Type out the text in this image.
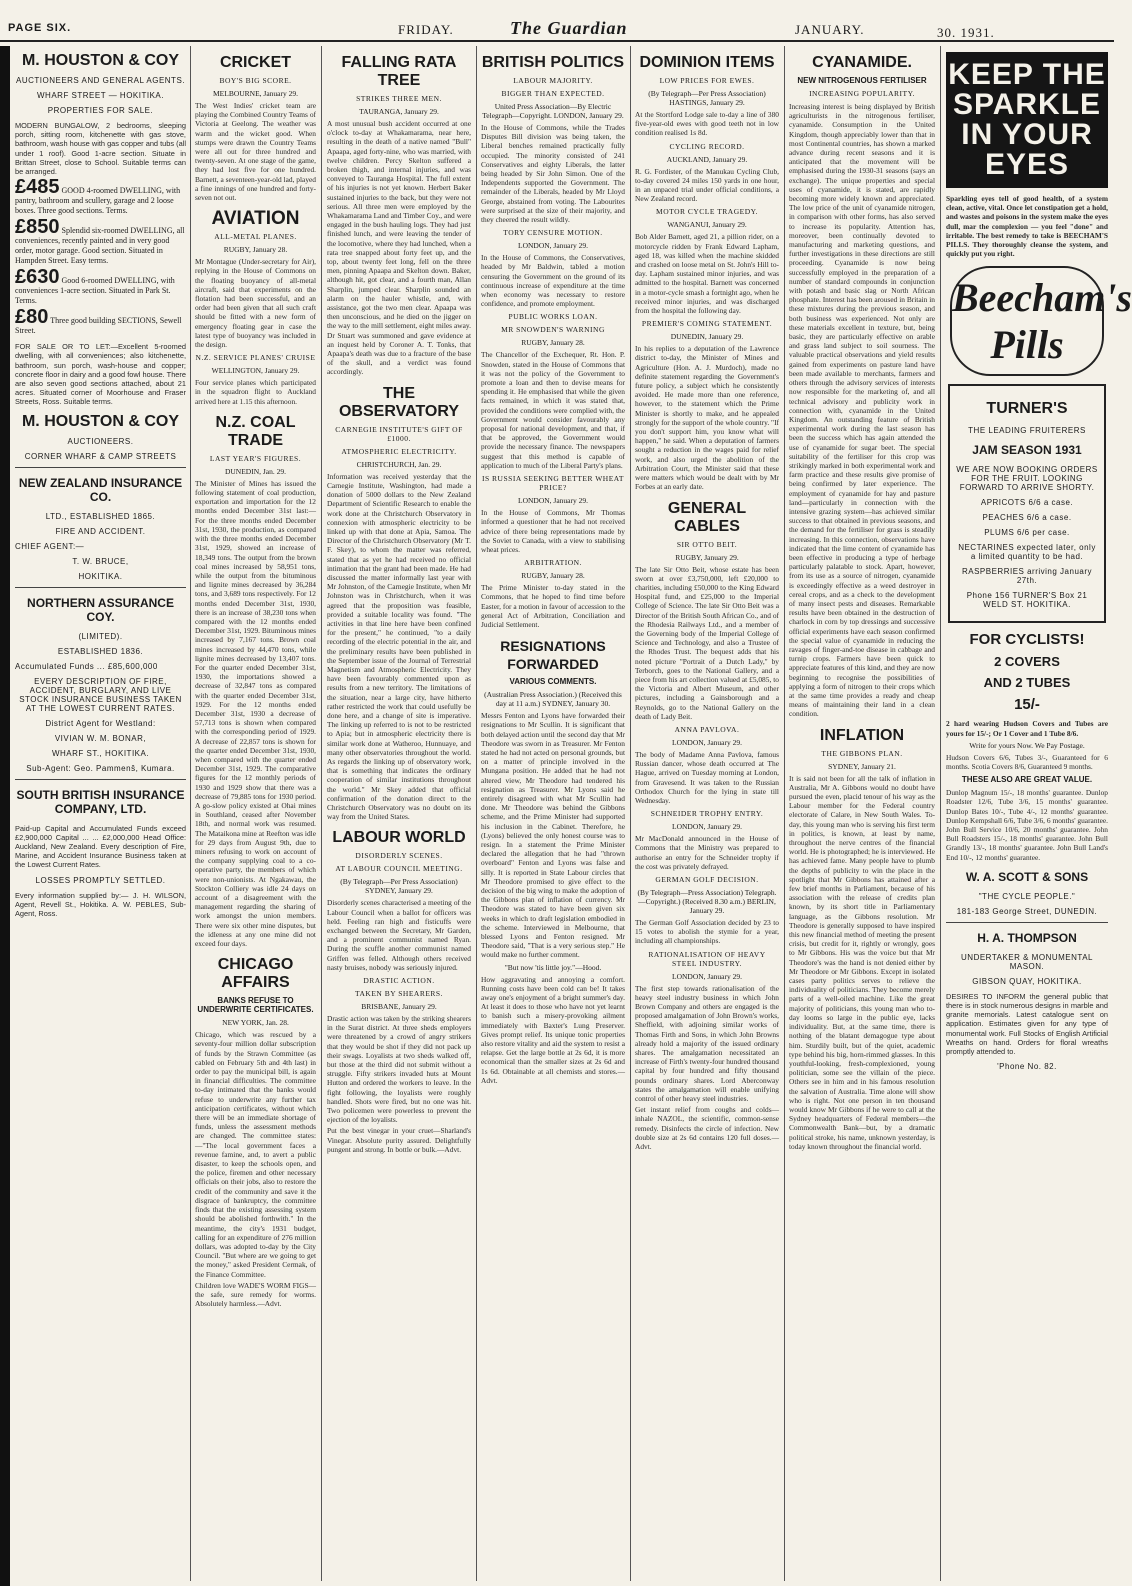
PAGE SIX.	FRIDAY.	The Guardian	JANUARY.	30. 1931.
M. HOUSTON & COY
AUCTIONEERS AND GENERAL AGENTS.
WHARF STREET — HOKITIKA.
PROPERTIES FOR SALE.
MODERN BUNGALOW, 2 bedrooms, sleeping porch, sitting room, kitchenette with gas stove, bathroom, wash house with gas copper and tubs (all under 1 roof). Good 1-acre section. Situate in Brittan Street, close to School. Suitable terms can be arranged.
£485 GOOD 4-roomed DWELLING, with pantry, bathroom and scullery, garage and 2 loose boxes. Three good sections. Terms.
£850 Splendid six-roomed DWELLING, all conveniences, recently painted and in very good order, motor garage. Good section. Situated in Hampden Street. Easy terms.
£630 Good 6-roomed DWELLING, with conveniences 1-acre section. Situated in Park St. Terms.
£80 Three good building SECTIONS, Sewell Street.
FOR SALE OR TO LET:—Excellent 5-roomed dwelling, with all conveniences; also kitchenette, bathroom, sun porch, wash-house and copper; concrete floor in dairy and a good fowl house. There are also seven good sections attached, about 21 acres. Situated corner of Moorhouse and Fraser Streets, Ross. Suitable terms.
M. HOUSTON & COY
AUCTIONEERS.
CORNER WHARF & CAMP STREETS
NEW ZEALAND INSURANCE CO.
LTD., ESTABLISHED 1865.
FIRE AND ACCIDENT.
CHIEF AGENT:—
T. W. BRUCE,
HOKITIKA.
NORTHERN ASSURANCE COY.
(LIMITED).
ESTABLISHED 1836.
Accumulated Funds ... £85,600,000
EVERY DESCRIPTION OF FIRE, ACCIDENT, BURGLARY, AND LIVE STOCK INSURANCE BUSINESS TAKEN AT THE LOWEST CURRENT RATES.
District Agent for Westland:
VIVIAN W. M. BONAR,
WHARF ST., HOKITIKA.
Sub-Agent: Geo. Pammenŝ, Kumara.
SOUTH BRITISH INSURANCE COMPANY, LTD.
Paid-up Capital and Accumulated Funds exceed £2,900,000 Capital ... ... £2,000,000 Head Office: Auckland, New Zealand. Every description of Fire, Marine, and Accident Insurance Business taken at the Lowest Current Rates.
LOSSES PROMPTLY SETTLED.
Every information supplied by:— J. H. WILSON, Agent, Revell St., Hokitika. A. W. PEBLES, Sub-Agent, Ross.
CRICKET
BOY'S BIG SCORE.
MELBOURNE, January 29.
The West Indies' cricket team are playing the Combined Country Teams of Victoria at Geelong. The weather was warm and the wicket good. When stumps were drawn the Country Teams were all out for three hundred and twenty-seven. At one stage of the game, they had lost five for one hundred. Barnett, a seventeen-year-old lad, played a fine innings of one hundred and forty-seven not out.
AVIATION
ALL-METAL PLANES.
RUGBY, January 28.
Mr Montague (Under-secretary for Air), replying in the House of Commons on the floating buoyancy of all-metal aircraft, said that experiments on the flotation had been successful, and an order had been given that all such craft should be fitted with a new form of emergency floating gear in case the latest type of buoyancy was included in the design.
N.Z. SERVICE PLANES' CRUISE
WELLINGTON, January 29.
Four service planes which participated in the squadron flight to Auckland arrived here at 1.15 this afternoon.
N.Z. COAL TRADE
LAST YEAR'S FIGURES.
DUNEDIN, Jan. 29.
The Minister of Mines has issued the following statement of coal production, exportation and importation for the 12 months ended December 31st last:— For the three months ended December 31st, 1930, the production, as compared with the three months ended December 31st, 1929, showed an increase of 18,349 tons. The output from the brown coal mines increased by 58,951 tons, while the output from the bituminous and lignite mines decreased by 36,284 tons, and 3,689 tons respectively. For 12 months ended December 31st, 1930, there is an increase of 38,230 tons when compared with the 12 months ended December 31st, 1929. Bituminous mines increased by 7,167 tons. Brown coal mines increased by 44,470 tons, while lignite mines decreased by 13,407 tons. For the quarter ended December 31st, 1930, the importations showed a decrease of 32,847 tons as compared with the quarter ended December 31st, 1929. For the 12 months ended December 31st, 1930 a decrease of 57,713 tons is shown when compared with the corresponding period of 1929. A decrease of 22,857 tons is shown for the quarter ended December 31st, 1930, when compared with the quarter ended December 31st, 1929. The comparative figures for the 12 monthly periods of 1930 and 1929 show that there was a decrease of 79,885 tons for 1930 period. A go-slow policy existed at Ohai mines in Southland, ceased after November 18th, and normal work was resumed. The Mataikona mine at Reefton was idle for 29 days from August 9th, due to miners refusing to work on account of the company supplying coal to a co-operative party, the members of which were non-unionists. At Ngakawau, the Stockton Colliery was idle 24 days on account of a disagreement with the management regarding the sharing of work amongst the union members. There were six other mine disputes, but the idleness at any one mine did not exceed four days.
CHICAGO AFFAIRS
BANKS REFUSE TO UNDERWRITE CERTIFICATES.
NEW YORK, Jan. 28.
Chicago, which was rescued by a seventy-four million dollar subscription of funds by the Strawn Committee (as cabled on February 5th and 4th last) in order to pay the municipal bill, is again in financial difficulties. The committee to-day intimated that the banks would refuse to underwrite any further tax anticipation certificates, without which there will be an immediate shortage of funds, unless the assessment methods are changed. The committee states:—"The local government faces a revenue famine, and, to avert a public disaster, to keep the schools open, and the police, firemen and other necessary officials on their jobs, also to restore the credit of the community and save it the disgrace of bankruptcy, the committee finds that the existing assessing system should be abolished forthwith." In the meantime, the city's 1931 budget, calling for an expenditure of 276 million dollars, was adopted to-day by the City Council. "But where are we going to get the money," asked President Cermak, of the Finance Committee.
Children love WADE'S WORM FIGS—the safe, sure remedy for worms. Absolutely harmless.—Advt.
FALLING RATA TREE
STRIKES THREE MEN.
TAURANGA, January 29.
A most unusual bush accident occurred at one o'clock to-day at Whakamarama, near here, resulting in the death of a native named "Bull" Apaapa, aged forty-nine, who was married, with twelve children. Percy Skelton suffered a broken thigh, and internal injuries, and was conveyed to Tauranga Hospital. The full extent of his injuries is not yet known. Herbert Baker sustained injuries to the back, but they were not serious. All three men were employed by the Whakamarama Land and Timber Coy., and were engaged in the bush hauling logs. They had just finished lunch, and were leaving the tender of the locomotive, where they had lunched, when a rata tree snapped about forty feet up, and the top, about twenty feet long, fell on the three men, pinning Apaapa and Skelton down. Baker, although hit, got clear, and a fourth man, Allan Sharplin, jumped clear. Sharplin sounded an alarm on the hauler whistle, and, with assistance, got the two men clear. Apaapa was then unconscious, and he died on the jigger on the way to the mill settlement, eight miles away. Dr Stuart was summoned and gave evidence at an inquest held by Coroner A. T. Tonks, that Apaapa's death was due to a fracture of the base of the skull, and a verdict was found accordingly.
THE OBSERVATORY
CARNEGIE INSTITUTE'S GIFT OF £1000.
ATMOSPHERIC ELECTRICITY.
CHRISTCHURCH, Jan. 29.
Information was received yesterday that the Carnegie Institute, Washington, had made a donation of 5000 dollars to the New Zealand Department of Scientific Research to enable the work done at the Christchurch Observatory in connexion with atmospheric electricity to be linked up with that done at Apia, Samoa. The Director of the Christchurch Observatory (Mr T. F. Skey), to whom the matter was referred, stated that as yet he had received no official intimation that the grant had been made. He had discussed the matter informally last year with Mr Johnston, of the Carnegie Institute, when Mr Johnston was in Christchurch, when it was agreed that the proposition was feasible, provided a suitable locality was found. "The activities in that line here have been confined for the present," he continued, "to a daily recording of the electric potential in the air, and the preliminary results have been published in the September issue of the Journal of Terrestrial Magnetism and Atmospheric Electricity. They have been favourably commented upon as results from a new territory. The limitations of the situation, near a large city, have hitherto rather restricted the work that could usefully be done here, and a change of site is imperative. The linking up referred to is not to be restricted to Apia; but in atmospheric electricity there is similar work done at Watheroo, Hunnuaye, and many other observatories throughout the world. As regards the linking up of observatory work, that is something that indicates the ordinary cooperation of similar institutions throughout the world." Mr Skey added that official confirmation of the donation direct to the Christchurch Observatory was no doubt on its way from the United States.
LABOUR WORLD
DISORDERLY SCENES.
AT LABOUR COUNCIL MEETING.
(By Telegraph—Per Press Association) SYDNEY, January 29.
Disorderly scenes characterised a meeting of the Labour Council when a ballot for officers was held. Feeling ran high and fisticuffs were exchanged between the Secretary, Mr Garden, and a prominent communist named Ryan. During the scuffle another communist named Griffen was felled. Although others received nasty bruises, nobody was seriously injured.
DRASTIC ACTION.
TAKEN BY SHEARERS.
BRISBANE, January 29.
Drastic action was taken by the striking shearers in the Surat district. At three sheds employers were threatened by a crowd of angry strikers that they would be shot if they did not pack up their swags. Loyalists at two sheds walked off, but those at the third did not submit without a struggle. Fifty strikers invaded huts at Mount Hutton and ordered the workers to leave. In the fight following, the loyalists were roughly handled. Shots were fired, but no one was hit. Two policemen were powerless to prevent the ejection of the loyalists.
Put the best vinegar in your cruet—Sharland's Vinegar. Absolute purity assured. Delightfully pungent and strong. In bottle or bulk.—Advt.
BRITISH POLITICS
LABOUR MAJORITY.
BIGGER THAN EXPECTED.
United Press Association—By Electric Telegraph—Copyright. LONDON, January 29.
In the House of Commons, while the Trades Disputes Bill division was being taken, the Liberal benches remained practically fully occupied. The minority consisted of 241 Conservatives and eighty Liberals, the latter being headed by Sir John Simon. One of the Independents supported the Government. The remainder of the Liberals, headed by Mr Lloyd George, abstained from voting. The Labourites were surprised at the size of their majority, and they cheered the result wildly.
TORY CENSURE MOTION.
LONDON, January 29.
In the House of Commons, the Conservatives, headed by Mr Baldwin, tabled a motion censuring the Government on the ground of its continuous increase of expenditure at the time when economy was necessary to restore confidence, and promote employment.
PUBLIC WORKS LOAN.
MR SNOWDEN'S WARNING
RUGBY, January 28.
The Chancellor of the Exchequer, Rt. Hon. P. Snowden, stated in the House of Commons that it was not the policy of the Government to promote a loan and then to devise means for spending it. He emphasised that while the given facts remained, in which it was stated that, provided the conditions were complied with, the Government would consider favourably any proposal for national development, and that, if that be approved, the Government would provide the necessary finance. The newspapers suggest that this method is capable of application to much of the Liberal Party's plans.
IS RUSSIA SEEKING BETTER WHEAT PRICE?
LONDON, January 29.
In the House of Commons, Mr Thomas informed a questioner that he had not received advice of there being representations made by the Soviet to Canada, with a view to stabilising wheat prices.
ARBITRATION.
RUGBY, January 28.
The Prime Minister to-day stated in the Commons, that he hoped to find time before Easter, for a motion in favour of accession to the general Act of Arbitration, Conciliation and Judicial Settlement.
RESIGNATIONS FORWARDED
VARIOUS COMMENTS.
(Australian Press Association.) (Received this day at 11 a.m.) SYDNEY, January 30.
Messrs Fenton and Lyons have forwarded their resignations to Mr Scullin. It is significant that both delayed action until the second day that Mr Theodore was sworn in as Treasurer. Mr Fenton stated he had not acted on personal grounds, but on a matter of principle involved in the Mungana position. He added that he had not altered view, Mr Theodore had tendered his resignation as Treasurer. Mr Lyons said he entirely disagreed with what Mr Scullin had done. Mr Theodore was behind the Gibbons scheme, and the Prime Minister had supported his inclusion in the Cabinet. Therefore, he (Lyons) believed the only honest course was to resign. In a statement the Prime Minister declared the allegation that he had "thrown overboard" Fenton and Lyons was false and silly. It is reported in State Labour circles that Mr Theodore promised to give effect to the decision of the big wing to make the adoption of the Gibbons plan of inflation of currency. Mr Theodore was stated to have been given six weeks in which to draft legislation embodied in the scheme. Interviewed in Melbourne, that blessed Lyons and Fenton resigned. Mr Theodore said, "That is a very serious step." He would make no further comment.
"But now 'tis little joy."—Hood.
How aggravating and annoying a comfort. Running costs have been cold can be! It takes away one's enjoyment of a bright summer's day. At least it does to those who have not yet learnt to banish such a misery-provoking ailment immediately with Baxter's Lung Preserver. Gives prompt relief. Its unique tonic properties also restore vitality and aid the system to resist a relapse. Get the large bottle at 2s 6d, it is more economical than the smaller sizes at 2s 6d and 1s 6d. Obtainable at all chemists and stores.—Advt.
DOMINION ITEMS
LOW PRICES FOR EWES.
(By Telegraph—Per Press Association) HASTINGS, January 29.
At the Stortford Lodge sale to-day a line of 380 five-year-old ewes with good teeth not in low condition realised 1s 8d.
CYCLING RECORD.
AUCKLAND, January 29.
R. G. Fordister, of the Manukau Cycling Club, to-day covered 24 miles 150 yards in one hour, in an unpaced trial under official conditions, a New Zealand record.
MOTOR CYCLE TRAGEDY.
WANGANUI, January 29.
Bob Alder Barnett, aged 21, a pillion rider, on a motorcycle ridden by Frank Edward Lapham, aged 18, was killed when the machine skidded and crashed on loose metal on St. John's Hill to-day. Lapham sustained minor injuries, and was admitted to the hospital. Barnett was concerned in a motor-cycle smash a fortnight ago, when he received minor injuries, and was discharged from the hospital the following day.
PREMIER'S COMING STATEMENT.
DUNEDIN, January 29.
In his replies to a deputation of the Lawrence district to-day, the Minister of Mines and Agriculture (Hon. A. J. Murdoch), made no definite statement regarding the Government's future policy, a subject which he consistently avoided. He made more than one reference, however, to the statement which the Prime Minister is shortly to make, and he appealed strongly for the support of the whole country. "If you don't support him, you know what will happen," he said. When a deputation of farmers sought a reduction in the wages paid for relief work, and also urged the abolition of the Arbitration Court, the Minister said that these were matters which would be dealt with by Mr Forbes at an early date.
GENERAL CABLES
SIR OTTO BEIT.
RUGBY, January 29.
The late Sir Otto Beit, whose estate has been sworn at over £3,750,000, left £20,000 to charities, including £50,000 to the King Edward Hospital fund, and £25,000 to the Imperial College of Science. The late Sir Otto Beit was a Director of the British South African Co., and of the Rhodesia Railways Ltd., and a member of the Governing body of the Imperial College of Science and Technology, and also a Trustee of the Rhodes Trust. The bequest adds that his noted picture "Portrait of a Dutch Lady," by Terborch, goes to the National Gallery, and a piece from his art collection valued at £5,085, to the Victoria and Albert Museum, and other pictures, including a Gainsborough and a Reynolds, go to the National Gallery on the death of Lady Beit.
ANNA PAVLOVA.
LONDON, January 29.
The body of Madame Anna Pavlova, famous Russian dancer, whose death occurred at The Hague, arrived on Tuesday morning at London, from Gravesend. It was taken to the Russian Orthodox Church for the lying in state till Wednesday.
SCHNEIDER TROPHY ENTRY.
LONDON, January 29.
Mr MacDonald announced in the House of Commons that the Ministry was prepared to authorise an entry for the Schneider trophy if the cost was privately defrayed.
GERMAN GOLF DECISION.
(By Telegraph—Press Association) Telegraph.—Copyright.) (Received 8.30 a.m.) BERLIN, January 29.
The German Golf Association decided by 23 to 15 votes to abolish the stymie for a year, including all championships.
RATIONALISATION OF HEAVY STEEL INDUSTRY.
LONDON, January 29.
The first step towards rationalisation of the heavy steel industry business in which John Brown Company and others are engaged is the proposed amalgamation of John Brown's works, Sheffield, with adjoining similar works of Thomas Firth and Sons, in which John Browns already hold a majority of the issued ordinary shares. The amalgamation necessitated an increase of Firth's twenty-four hundred thousand capital by four hundred and fifty thousand pounds ordinary shares. Lord Aberconway states the amalgamation will enable unifying control of other heavy steel industries.
Get instant relief from coughs and colds—inhale NAZOL, the scientific, common-sense remedy. Disinfects the circle of infection. New double size at 2s 6d contains 120 full doses.—Advt.
CYANAMIDE.
NEW NITROGENOUS FERTILISER
INCREASING POPULARITY.
Increasing interest is being displayed by British agriculturists in the nitrogenous fertiliser, cyanamide. Consumption in the United Kingdom, though appreciably lower than that in most Continental countries, has shown a marked advance during recent seasons and it is anticipated that the movement will be emphasised during the 1930-31 seasons (says an exchange). The unique properties and special uses of cyanamide, it is stated, are rapidly becoming more widely known and appreciated. The low price of the unit of cyanamide nitrogen, in comparison with other forms, has also served to increase its popularity. Attention has, moreover, been continually devoted to manufacturing and marketing questions, and further investigations in these directions are still proceeding. Cyanamide is now being successfully employed in the preparation of a number of standard compounds in conjunction with potash and basic slag or North African phosphate. Interest has been aroused in Britain in these mixtures during the previous season, and both business was experienced. Not only are these materials excellent in texture, but, being basic, they are particularly effective on arable and grass land subject to soil sourness. The valuable practical observations and yield results gained from experiments on pasture land have been made available to merchants, farmers and others through the advisory services of interests now responsible for the marketing of, and all technical advisory and publicity work in connection with, cyanamide in the United Kingdom. An outstanding feature of British experimental work during the last season has been the success which has again attended the use of cyanamide for sugar beet. The special suitability of the fertiliser for this crop was strikingly marked in both experimental work and farm practice and these results give promise of being confirmed by later experience. The employment of cyanamide for hay and pasture land—particularly in connection with the intensive grazing system—has achieved similar success to that obtained in previous seasons, and the demand for the fertiliser for grass is steadily increasing. In this connection, observations have indicated that the lime content of cyanamide has been effective in producing a type of herbage particularly palatable to stock. Apart, however, from its use as a source of nitrogen, cyanamide is exceedingly effective as a weed destroyer in cereal crops, and as a check to the development of many insect pests and diseases. Remarkable results have been obtained in the destruction of charlock in corn by top dressings and successive official experiments have each season confirmed the special value of cyanamide in reducing the ravages of finger-and-toe disease in cabbage and turnip crops. Farmers have been quick to appreciate features of this kind, and they are now beginning to recognise the possibilities of applying a form of nitrogen to their crops which at the same time provides a ready and cheap means of maintaining their land in a clean condition.
INFLATION
THE GIBBONS PLAN.
SYDNEY, January 21.
It is said not been for all the talk of inflation in Australia, Mr A. Gibbons would no doubt have pursued the even, placid tenour of his way as the Labour member for the Federal country electorate of Calare, in New South Wales. To-day, this young man who is serving his first term in politics, is known, at least by name, throughout the nerve centres of the financial world. He is photographed; he is interviewed. He has achieved fame. Many people have to plumb the depths of publicity to win the place in the spotlight that Mr Gibbons has attained after a few brief months in Parliament, because of his association with the release of credits plan known, by its short title in Parliamentary language, as the Gibbons resolution. Mr Theodore is generally supposed to have inspired this new financial method of meeting the present crisis, but credit for it, rightly or wrongly, goes to Mr Gibbons. His was the voice but that Mr Theodore's was the hand is not denied either by Mr Theodore or Mr Gibbons. Except in isolated cases party politics serves to relieve the individuality of politicians. They become merely parts of a well-oiled machine. Like the great majority of politicians, this young man who to-day looms so large in the public eye, lacks individuality. But, at the same time, there is nothing of the blatant demagogue type about him. Sturdily built, but of the quiet, academic type behind his big, horn-rimmed glasses. In this youthful-looking, fresh-complexioned, young politician, some see the villain of the piece. Others see in him and in his famous resolution the salvation of Australia. Time alone will show who is right. Not one person in ten thousand would know Mr Gibbons if he were to call at the Sydney headquarters of Federal members—the Commonwealth Bank—but, by a dramatic political stroke, his name, unknown yesterday, is today known throughout the financial world.
KEEP THE SPARKLE IN YOUR EYES
Sparkling eyes tell of good health, of a system clean, active, vital. Once let constipation get a hold, and wastes and poisons in the system make the eyes dull, mar the complexion — you feel "done" and irritable. The best remedy to take is BEECHAM'S PILLS. They thoroughly cleanse the system, and quickly put you right.
Beecham's Pills
TURNER'S
THE LEADING FRUITERERS
JAM SEASON 1931
WE ARE NOW BOOKING ORDERS FOR THE FRUIT. LOOKING FORWARD TO ARRIVE SHORTY.
APRICOTS 6/6 a case.
PEACHES 6/6 a case.
PLUMS 6/6 per case.
NECTARINES expected later, only a limited quantity to be had.
RASPBERRIES arriving January 27th.
Phone 156 TURNER'S Box 21 WELD ST. HOKITIKA.
FOR CYCLISTS!
2 COVERS
AND 2 TUBES
15/-
2 hard wearing Hudson Covers and Tubes are yours for 15/-; Or 1 Cover and 1 Tube 8/6.
Write for yours Now. We Pay Postage.
Hudson Covers 6/6, Tubes 3/-, Guaranteed for 6 months. Scotia Covers 8/6, Guaranteed 9 months.
THESE ALSO ARE GREAT VALUE.
Dunlop Magnum 15/-, 18 months' guarantee. Dunlop Roadster 12/6, Tube 3/6, 15 months' guarantee. Dunlop Bates 10/-, Tube 4/-, 12 months' guarantee. Dunlop Kempshall 6/6, Tube 3/6, 6 months' guarantee. John Bull Service 10/6, 20 months' guarantee. John Bull Roadsters 15/-, 18 months' guarantee. John Bull Grandly 13/-, 18 months' guarantee. John Bull Land's End 10/-, 12 months' guarantee.
W. A. SCOTT & SONS
"THE CYCLE PEOPLE."
181-183 George Street, DUNEDIN.
H. A. THOMPSON
UNDERTAKER & MONUMENTAL MASON.
GIBSON QUAY, HOKITIKA.
DESIRES TO INFORM the general public that there is in stock numerous designs in marble and granite memorials. Latest catalogue sent on application. Estimates given for any type of monumental work. Full Stocks of English Artificial Wreaths on hand. Orders for floral wreaths promptly attended to.
'Phone No. 82.
